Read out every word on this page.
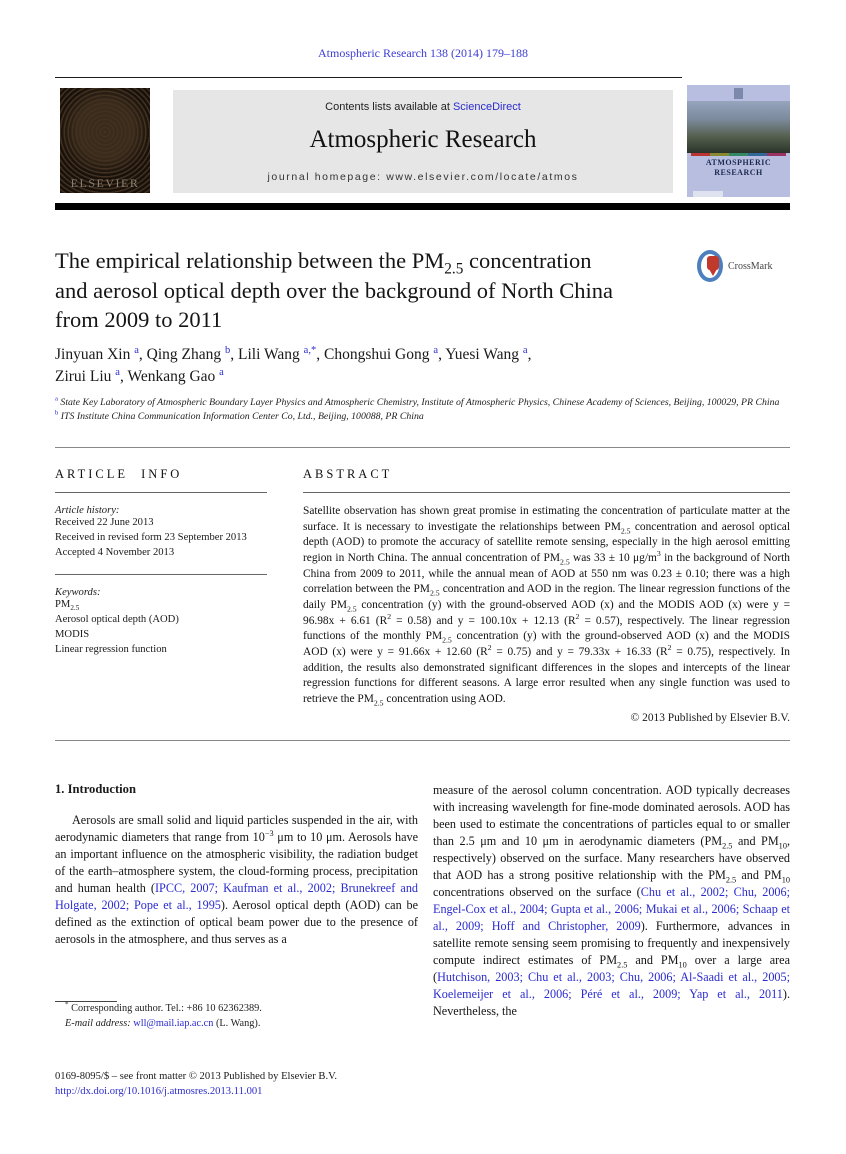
Atmospheric Research 138 (2014) 179–188
ELSEVIER
Contents lists available at ScienceDirect
Atmospheric Research
journal homepage: www.elsevier.com/locate/atmos
ATMOSPHERIC
RESEARCH
The empirical relationship between the $PM_{2.5}$ concentration
and aerosol optical depth over the background of North China
from 2009 to 2011
CrossMark
Jinyuan Xin $^a$, Qing Zhang $^b$, Lili Wang $^{a,*}$, Chongshui Gong $^a$, Yuesi Wang $^a$,
Zirui Liu $^a$, Wenkang Gao $^a$
$^a$ State Key Laboratory of Atmospheric Boundary Layer Physics and Atmospheric Chemistry, Institute of Atmospheric Physics, Chinese Academy of Sciences, Beijing, 100029, PR China
$^b$ ITS Institute China Communication Information Center Co, Ltd., Beijing, 100088, PR China
ARTICLE INFO
Article history:
Received 22 June 2013
Received in revised form 23 September 2013
Accepted 4 November 2013
Keywords:
$PM_{2.5}$
Aerosol optical depth (AOD)
MODIS
Linear regression function
ABSTRACT
Satellite observation has shown great promise in estimating the concentration of particulate matter at the surface. It is necessary to investigate the relationships between $PM_{2.5}$ concentration and aerosol optical depth (AOD) to promote the accuracy of satellite remote sensing, especially in the high aerosol emitting region in North China. The annual concentration of $PM_{2.5}$ was 33 ± 10 $\mu g/m^3$ in the background of North China from 2009 to 2011, while the annual mean of AOD at 550 nm was 0.23 ± 0.10; there was a high correlation between the $PM_{2.5}$ concentration and AOD in the region. The linear regression functions of the daily $PM_{2.5}$ concentration (y) with the ground-observed AOD (x) and the MODIS AOD (x) were y = 96.98x + 6.61 $(R^2 = 0.58)$ and y = 100.10x + 12.13 $(R^2 = 0.57)$, respectively. The linear regression functions of the monthly $PM_{2.5}$ concentration (y) with the ground-observed AOD (x) and the MODIS AOD (x) were y = 91.66x + 12.60 $(R^2 = 0.75)$ and y = 79.33x + 16.33 $(R^2 = 0.75)$, respectively. In addition, the results also demonstrated significant differences in the slopes and intercepts of the linear regression functions for different seasons. A large error resulted when any single function was used to retrieve the $PM_{2.5}$ concentration using AOD.
© 2013 Published by Elsevier B.V.
1. Introduction
Aerosols are small solid and liquid particles suspended in the air, with aerodynamic diameters that range from $10^{-3}$ μm to 10 μm. Aerosols have an important influence on the atmospheric visibility, the radiation budget of the earth–atmosphere system, the cloud-forming process, precipitation and human health (IPCC, 2007; Kaufman et al., 2002; Brunekreef and Holgate, 2002; Pope et al., 1995). Aerosol optical depth (AOD) can be defined as the extinction of optical beam power due to the presence of aerosols in the atmosphere, and thus serves as a
measure of the aerosol column concentration. AOD typically decreases with increasing wavelength for fine-mode dominated aerosols. AOD has been used to estimate the concentrations of particles equal to or smaller than 2.5 μm and 10 μm in aerodynamic diameters ($PM_{2.5}$ and $PM_{10}$, respectively) observed on the surface. Many researchers have observed that AOD has a strong positive relationship with the $PM_{2.5}$ and $PM_{10}$ concentrations observed on the surface (Chu et al., 2002; Chu, 2006; Engel-Cox et al., 2004; Gupta et al., 2006; Mukai et al., 2006; Schaap et al., 2009; Hoff and Christopher, 2009). Furthermore, advances in satellite remote sensing seem promising to frequently and inexpensively compute indirect estimates of $PM_{2.5}$ and $PM_{10}$ over a large area (Hutchison, 2003; Chu et al., 2003; Chu, 2006; Al-Saadi et al., 2005; Koelemeijer et al., 2006; Péré et al., 2009; Yap et al., 2011). Nevertheless, the
* Corresponding author. Tel.: +86 10 62362389.
E-mail address: wll@mail.iap.ac.cn (L. Wang).
0169-8095/$ – see front matter © 2013 Published by Elsevier B.V.
http://dx.doi.org/10.1016/j.atmosres.2013.11.001
